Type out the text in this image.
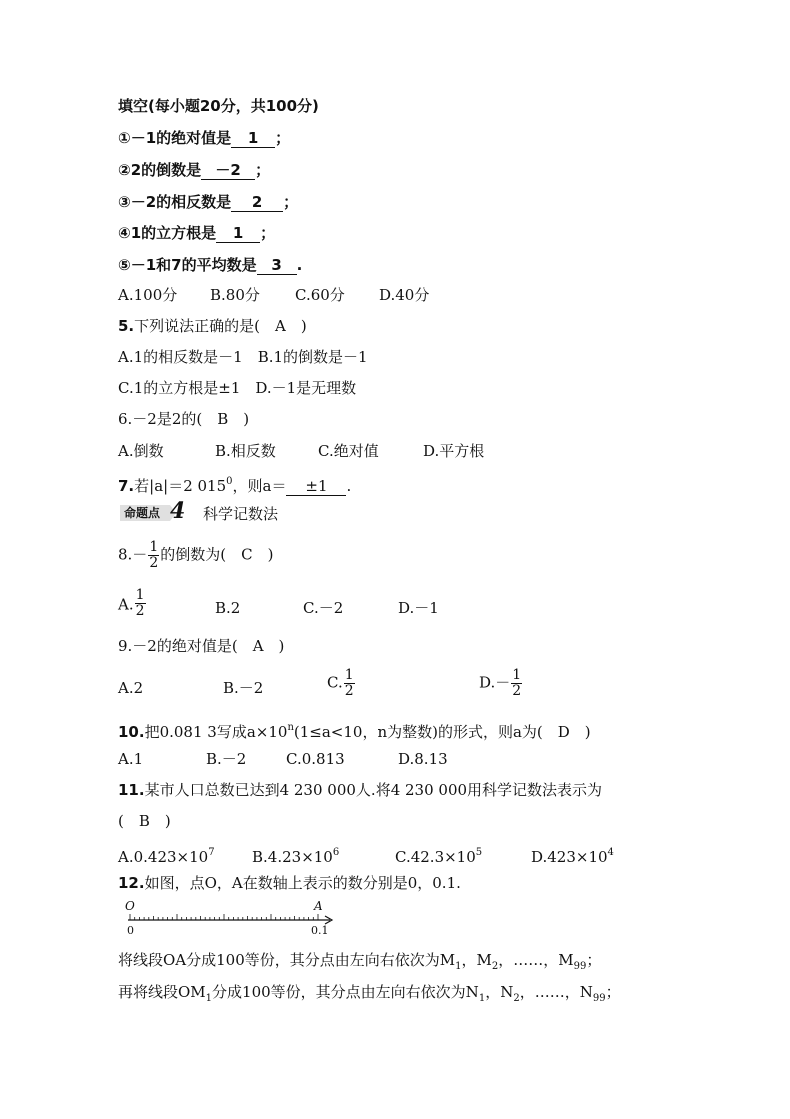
填空(每小题20分，共100分)
①－1的绝对值是 1 ；
②2的倒数是 －2 ；
③－2的相反数是 2 ；
④1的立方根是 1 ；
⑤－1和7的平均数是 3 .
A.100分 B.80分 C.60分 D.40分
5.下列说法正确的是(　A　)
A.1的相反数是－1　B.1的倒数是－1
C.1的立方根是±1　D.－1是无理数
6.－2是2的(　B　)
A.倒数	B.相反数	C.绝对值	D.平方根
7.若|a|＝2 $015^0$，则a＝ ±1 .
命题点 4 科学记数法
$8.- \frac{1}{2}$ 的倒数为(　C　)
A. $\frac{1}{2}$	B.2	C.－2	D.－1
9.－2的绝对值是(　A　)
A.2	B.－2	C. $\frac{1}{2}$	$D.- \frac{1}{2}$
10.把0.081 3写成$a\times 10^n(1\le a<10$，n为整数)的形式，则a为(　D　)
A.1	B.－2	C.0.813	D.8.13
11.某市人口总数已达到4 230 000人.将4 230 000用科学记数法表示为
(　B　)
$A.0.423\times 10^7$ $B.4.23\times 10^6$	$C.42.3\times 10^5$	$D.423\times 10^4$
12.如图，点O，A在数轴上表示的数分别是0，0.1.
O	A
0	0.1
将线段OA分成100等份，其分点由左向右依次为$M_1$，$M_2$，……，$M_{99}$；
再将线段$OM_1$分成100等份，其分点由左向右依次为$N_1$，$N_2$，……，$N_{99}$；
